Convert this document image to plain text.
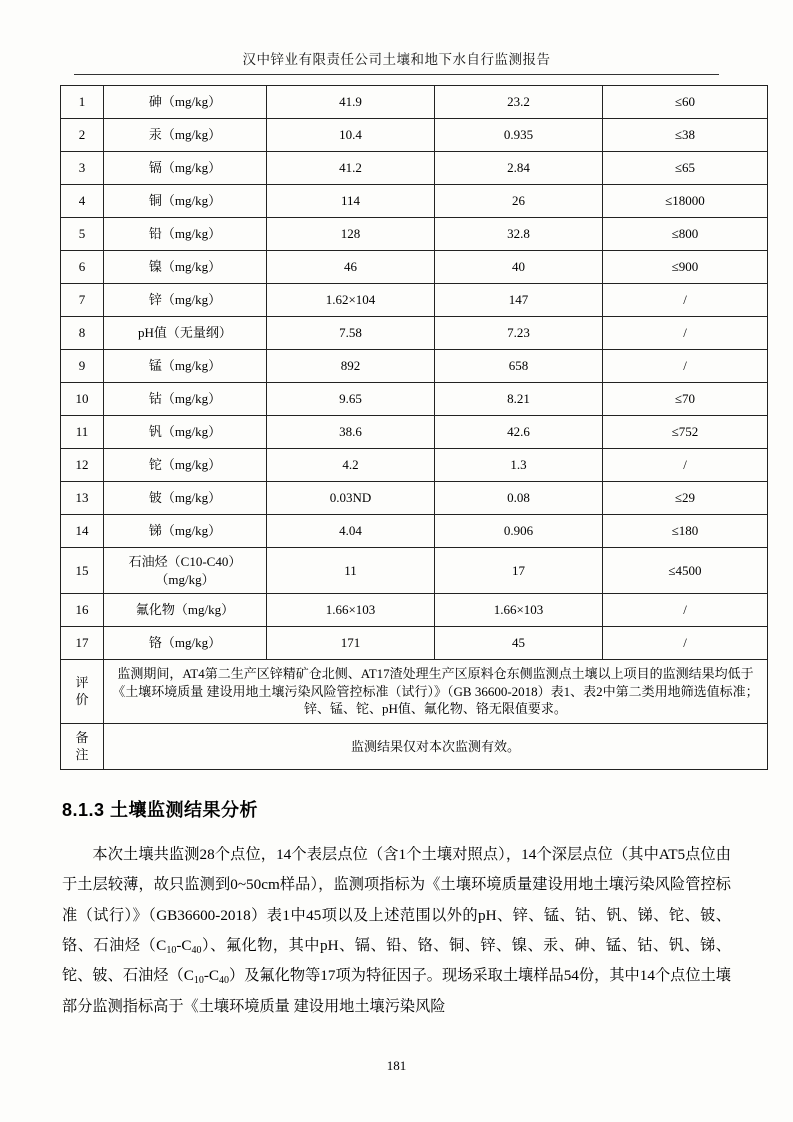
汉中锌业有限责任公司土壤和地下水自行监测报告
1	砷（mg/kg）	41.9	23.2	≤60
2	汞（mg/kg）	10.4	0.935	≤38
3	镉（mg/kg）	41.2	2.84	≤65
4	铜（mg/kg）	114	26	≤18000
5	铅（mg/kg）	128	32.8	≤800
6	镍（mg/kg）	46	40	≤900
7	锌（mg/kg）	1.62×104	147	/
8	pH值（无量纲）	7.58	7.23	/
9	锰（mg/kg）	892	658	/
10	钴（mg/kg）	9.65	8.21	≤70
11	钒（mg/kg）	38.6	42.6	≤752
12	铊（mg/kg）	4.2	1.3	/
13	铍（mg/kg）	0.03ND	0.08	≤29
14	锑（mg/kg）	4.04	0.906	≤180
15	石油烃（C10-C40）
（mg/kg）	11	17	≤4500
16	氟化物（mg/kg）	1.66×103	1.66×103	/
17	铬（mg/kg）	171	45	/

评
价	监测期间，AT4第二生产区锌精矿仓北侧、AT17渣处理生产区原料仓东侧监测点土壤以上项目的监测结果均低于《土壤环境质量 建设用地土壤污染风险管控标准（试行）》（GB 36600-2018）表1、表2中第二类用地筛选值标准；锌、锰、铊、pH值、氟化物、铬无限值要求。			

备
注	监测结果仅对本次监测有效。			
8.1.3 土壤监测结果分析

本次土壤共监测28个点位，14个表层点位（含1个土壤对照点），14个深层点位（其中AT5点位由于土层较薄，故只监测到0~50cm样品），监测项指标为《土壤环境质量建设用地土壤污染风险管控标准（试行）》（GB36600-2018）表1中45项以及上述范围以外的pH、锌、锰、钴、钒、锑、铊、铍、铬、石油烃$(C_{10}-C_{40})$、氟化物，其中pH、镉、铅、铬、铜、锌、镍、汞、砷、锰、钴、钒、锑、铊、铍、石油烃$(C_{10}-C_{40})$及氟化物等17项为特征因子。现场采取土壤样品54份，其中14个点位土壤部分监测指标高于《土壤环境质量 建设用地土壤污染风险

181
